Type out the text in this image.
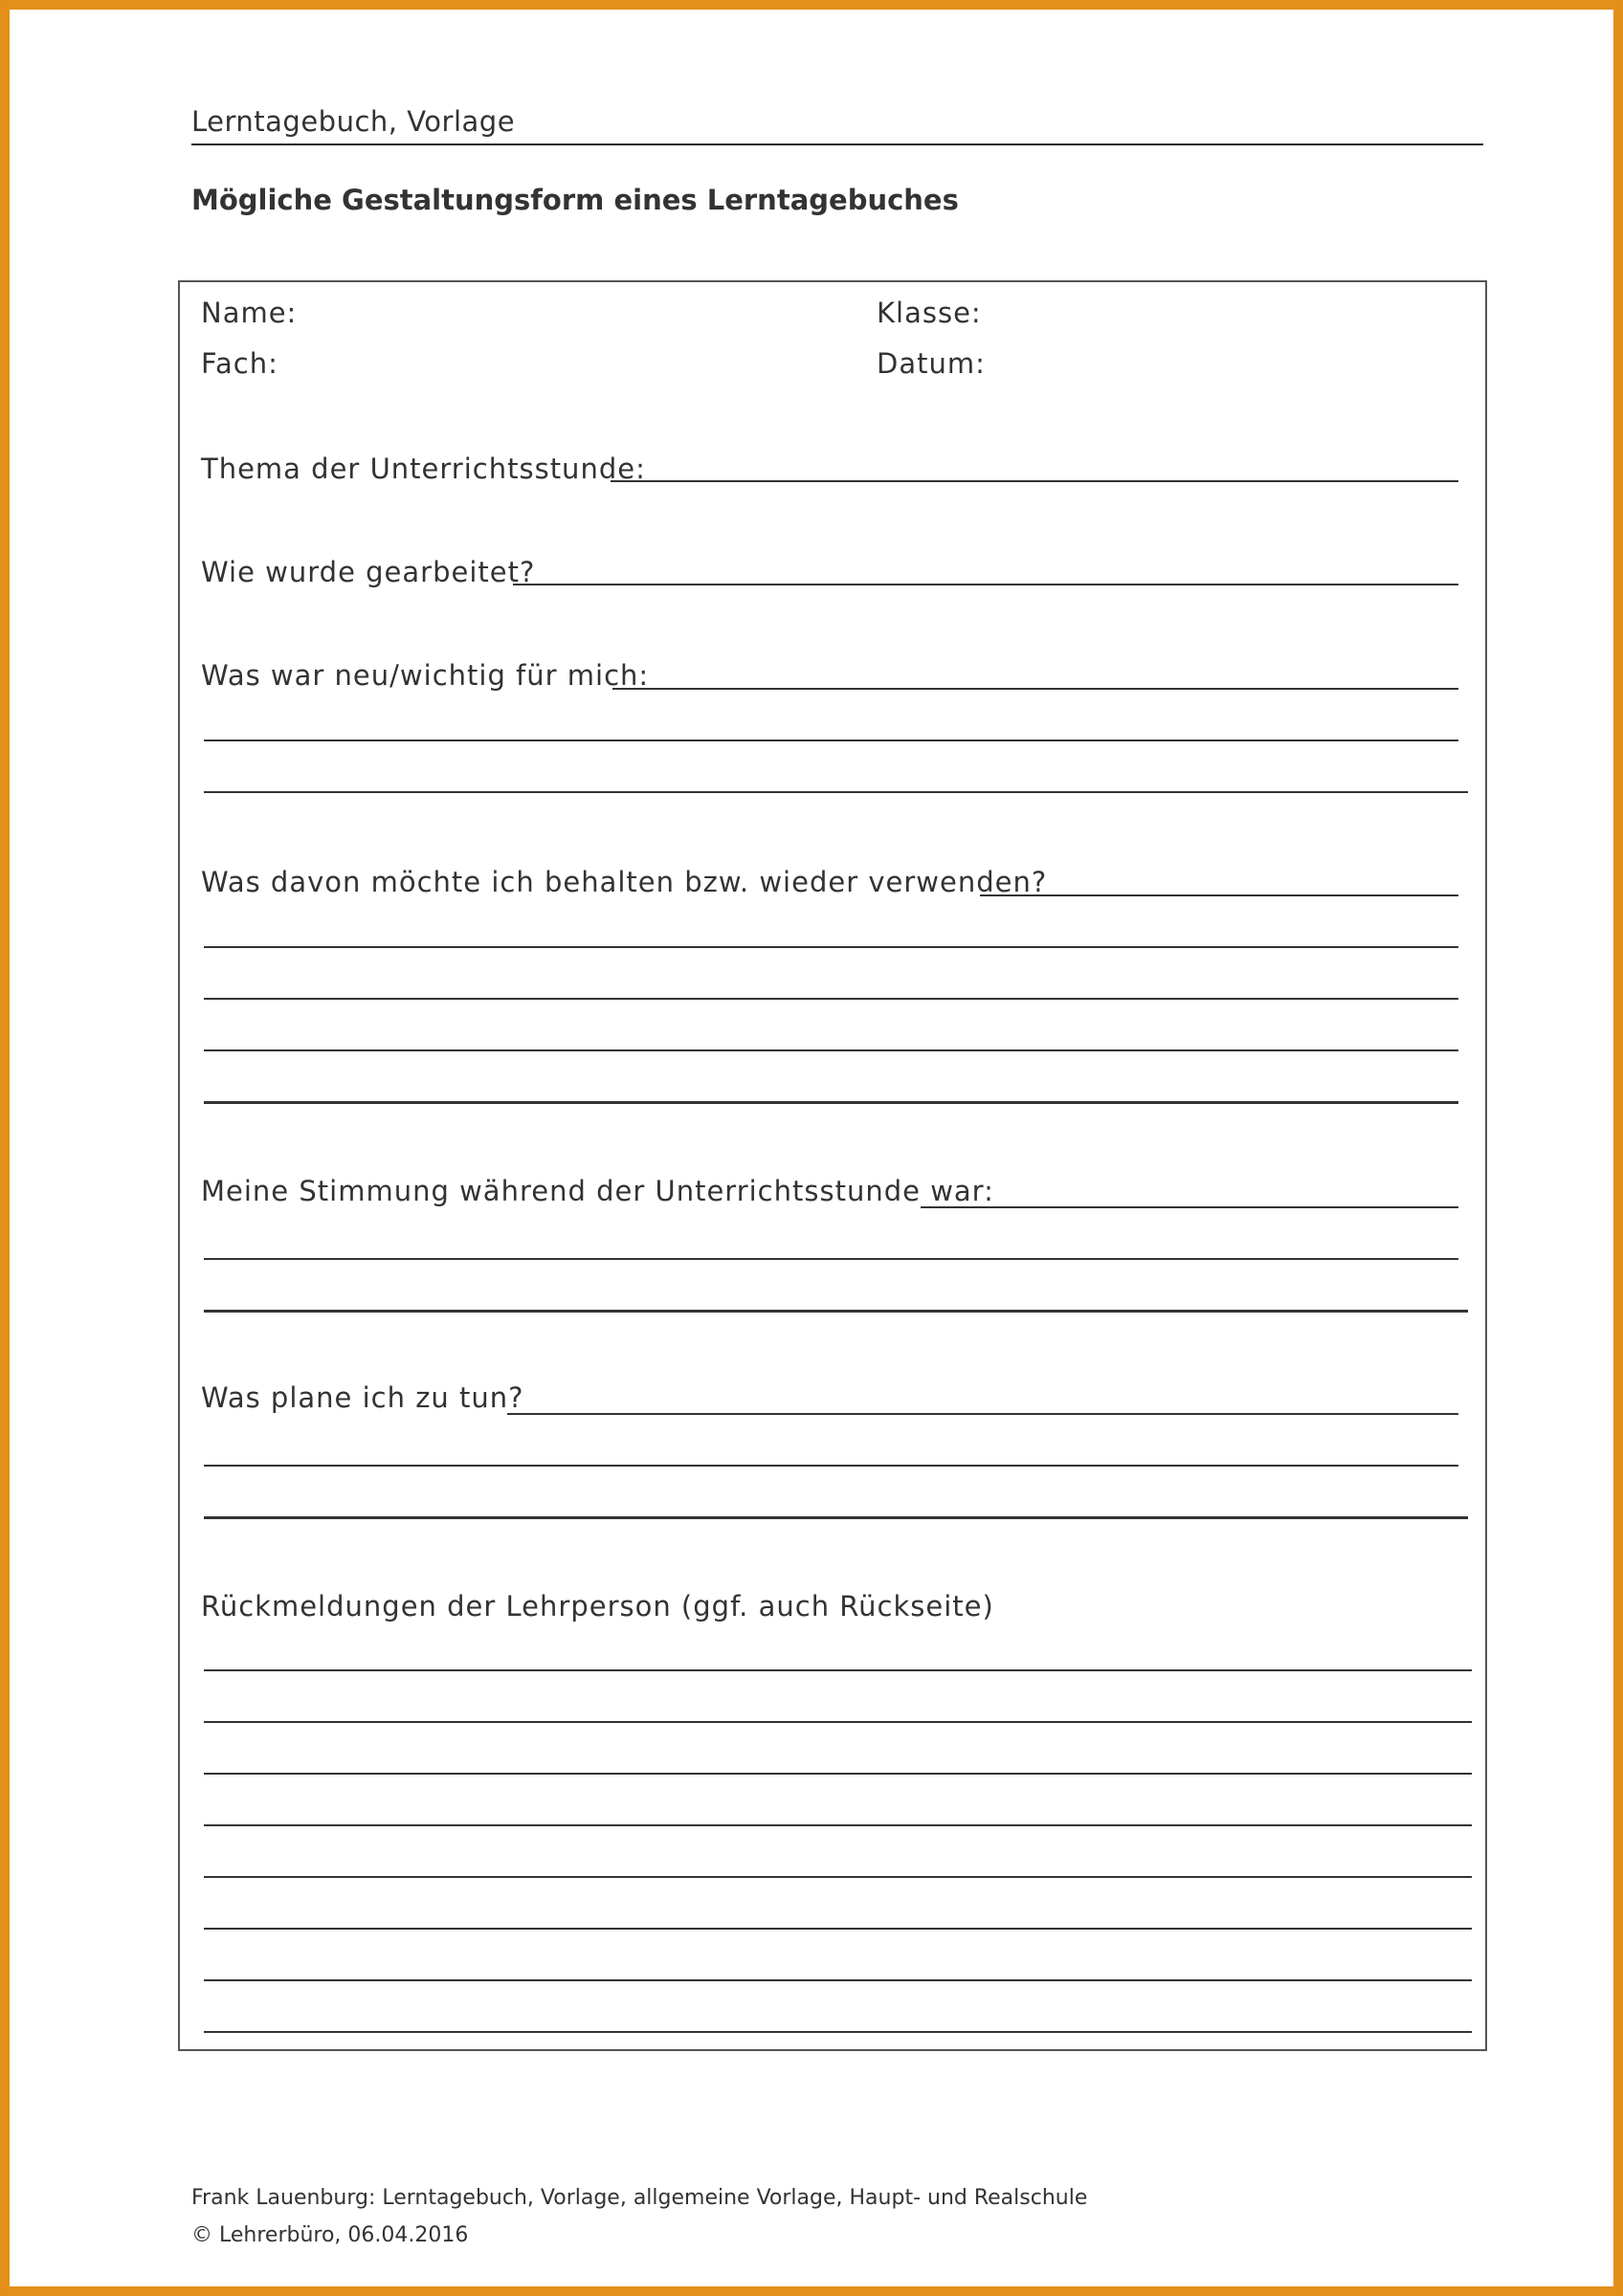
Lerntagebuch, Vorlage
Mögliche Gestaltungsform eines Lerntagebuches
Name:	Klasse:
Fach:	Datum:
Thema der Unterrichtsstunde:
Wie wurde gearbeitet?
Was war neu/wichtig für mich:
Was davon möchte ich behalten bzw. wieder verwenden?
Meine Stimmung während der Unterrichtsstunde war:
Was plane ich zu tun?
Rückmeldungen der Lehrperson (ggf. auch Rückseite)
Frank Lauenburg: Lerntagebuch, Vorlage, allgemeine Vorlage, Haupt- und Realschule
© Lehrerbüro, 06.04.2016
